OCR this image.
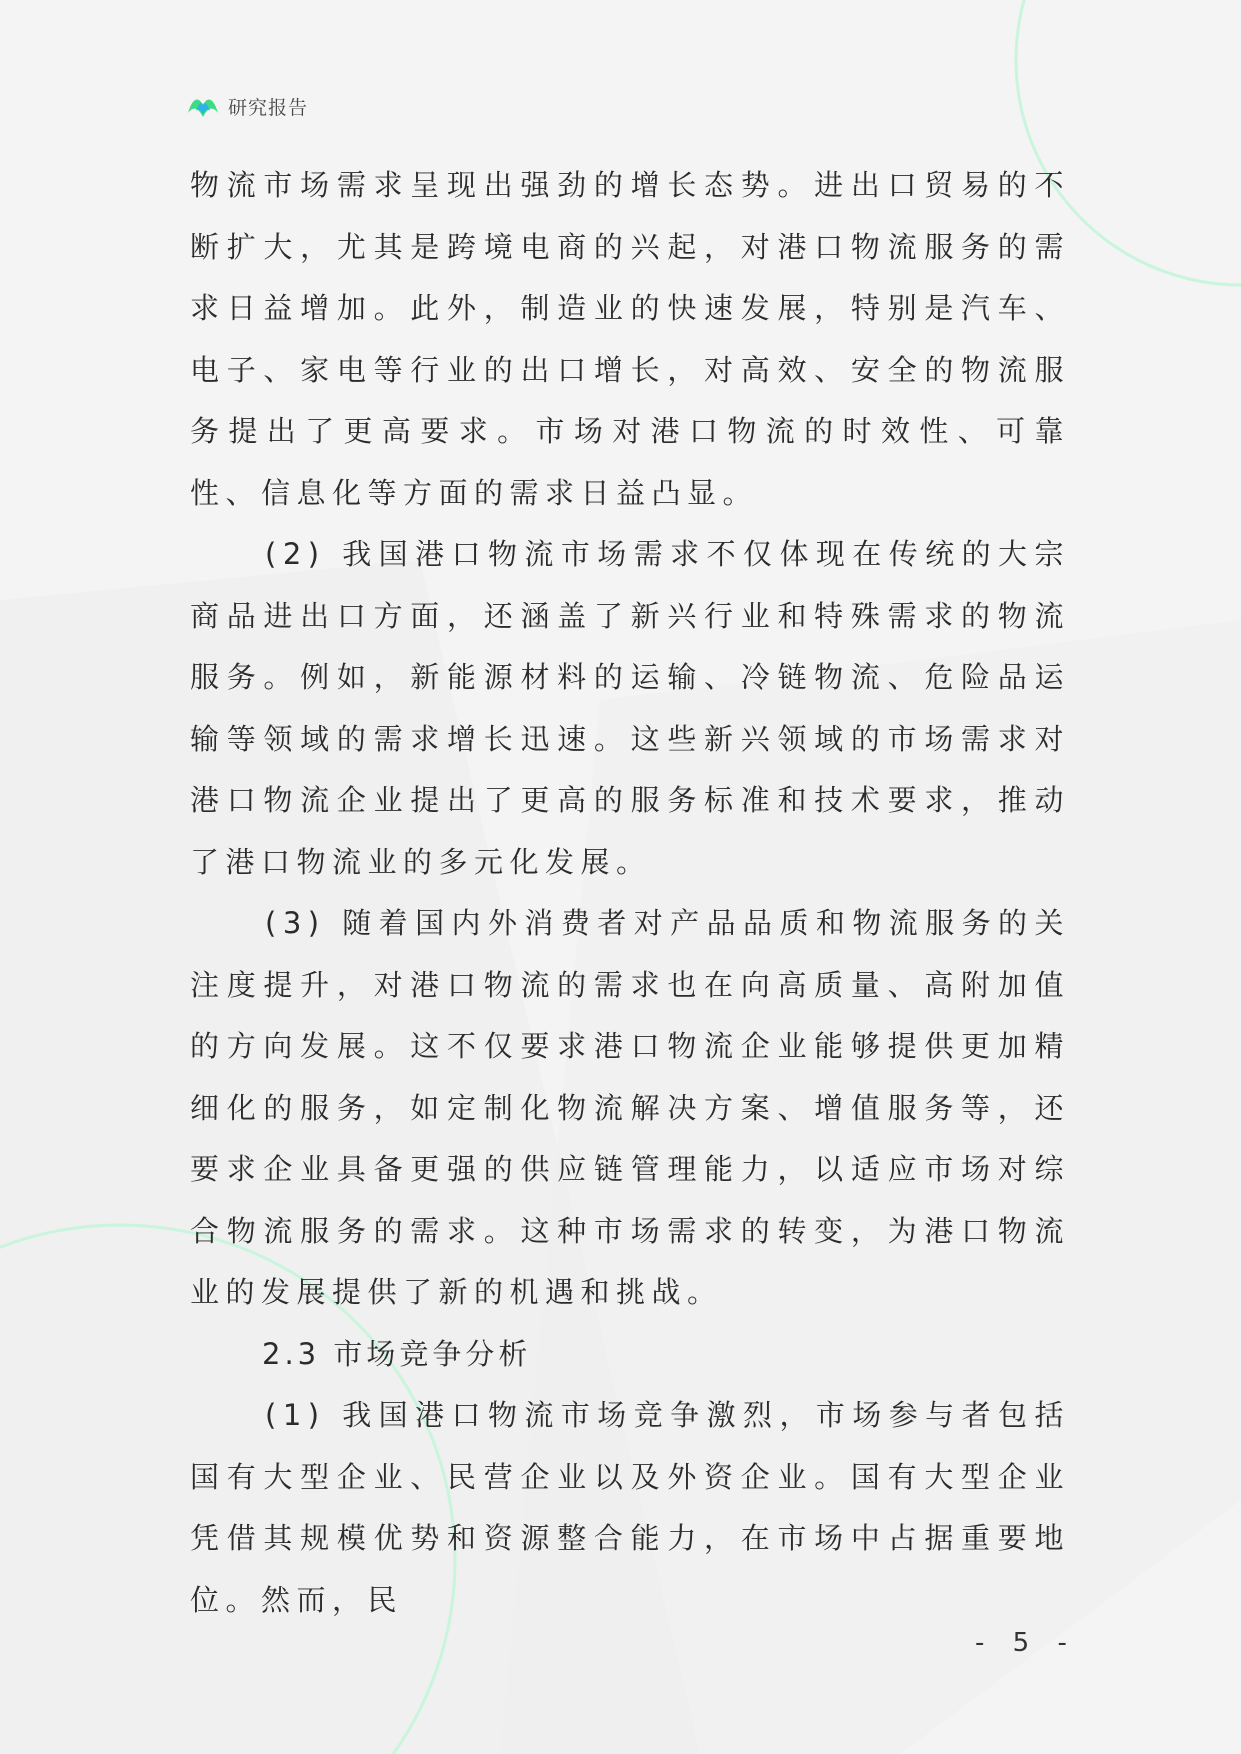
研究报告

物流市场需求呈现出强劲的增长态势。进出口贸易的不断扩大，尤其是跨境电商的兴起，对港口物流服务的需求日益增加。此外，制造业的快速发展，特别是汽车、电子、家电等行业的出口增长，对高效、安全的物流服务提出了更高要求。市场对港口物流的时效性、可靠性、信息化等方面的需求日益凸显。

(2) 我国港口物流市场需求不仅体现在传统的大宗商品进出口方面，还涵盖了新兴行业和特殊需求的物流服务。例如，新能源材料的运输、冷链物流、危险品运输等领域的需求增长迅速。这些新兴领域的市场需求对港口物流企业提出了更高的服务标准和技术要求，推动了港口物流业的多元化发展。

(3) 随着国内外消费者对产品品质和物流服务的关注度提升，对港口物流的需求也在向高质量、高附加值的方向发展。这不仅要求港口物流企业能够提供更加精细化的服务，如定制化物流解决方案、增值服务等，还要求企业具备更强的供应链管理能力，以适应市场对综合物流服务的需求。这种市场需求的转变，为港口物流业的发展提供了新的机遇和挑战。

2.3 市场竞争分析

(1) 我国港口物流市场竞争激烈，市场参与者包括国有大型企业、民营企业以及外资企业。国有大型企业凭借其规模优势和资源整合能力，在市场中占据重要地位。然而，民

- 5 -
